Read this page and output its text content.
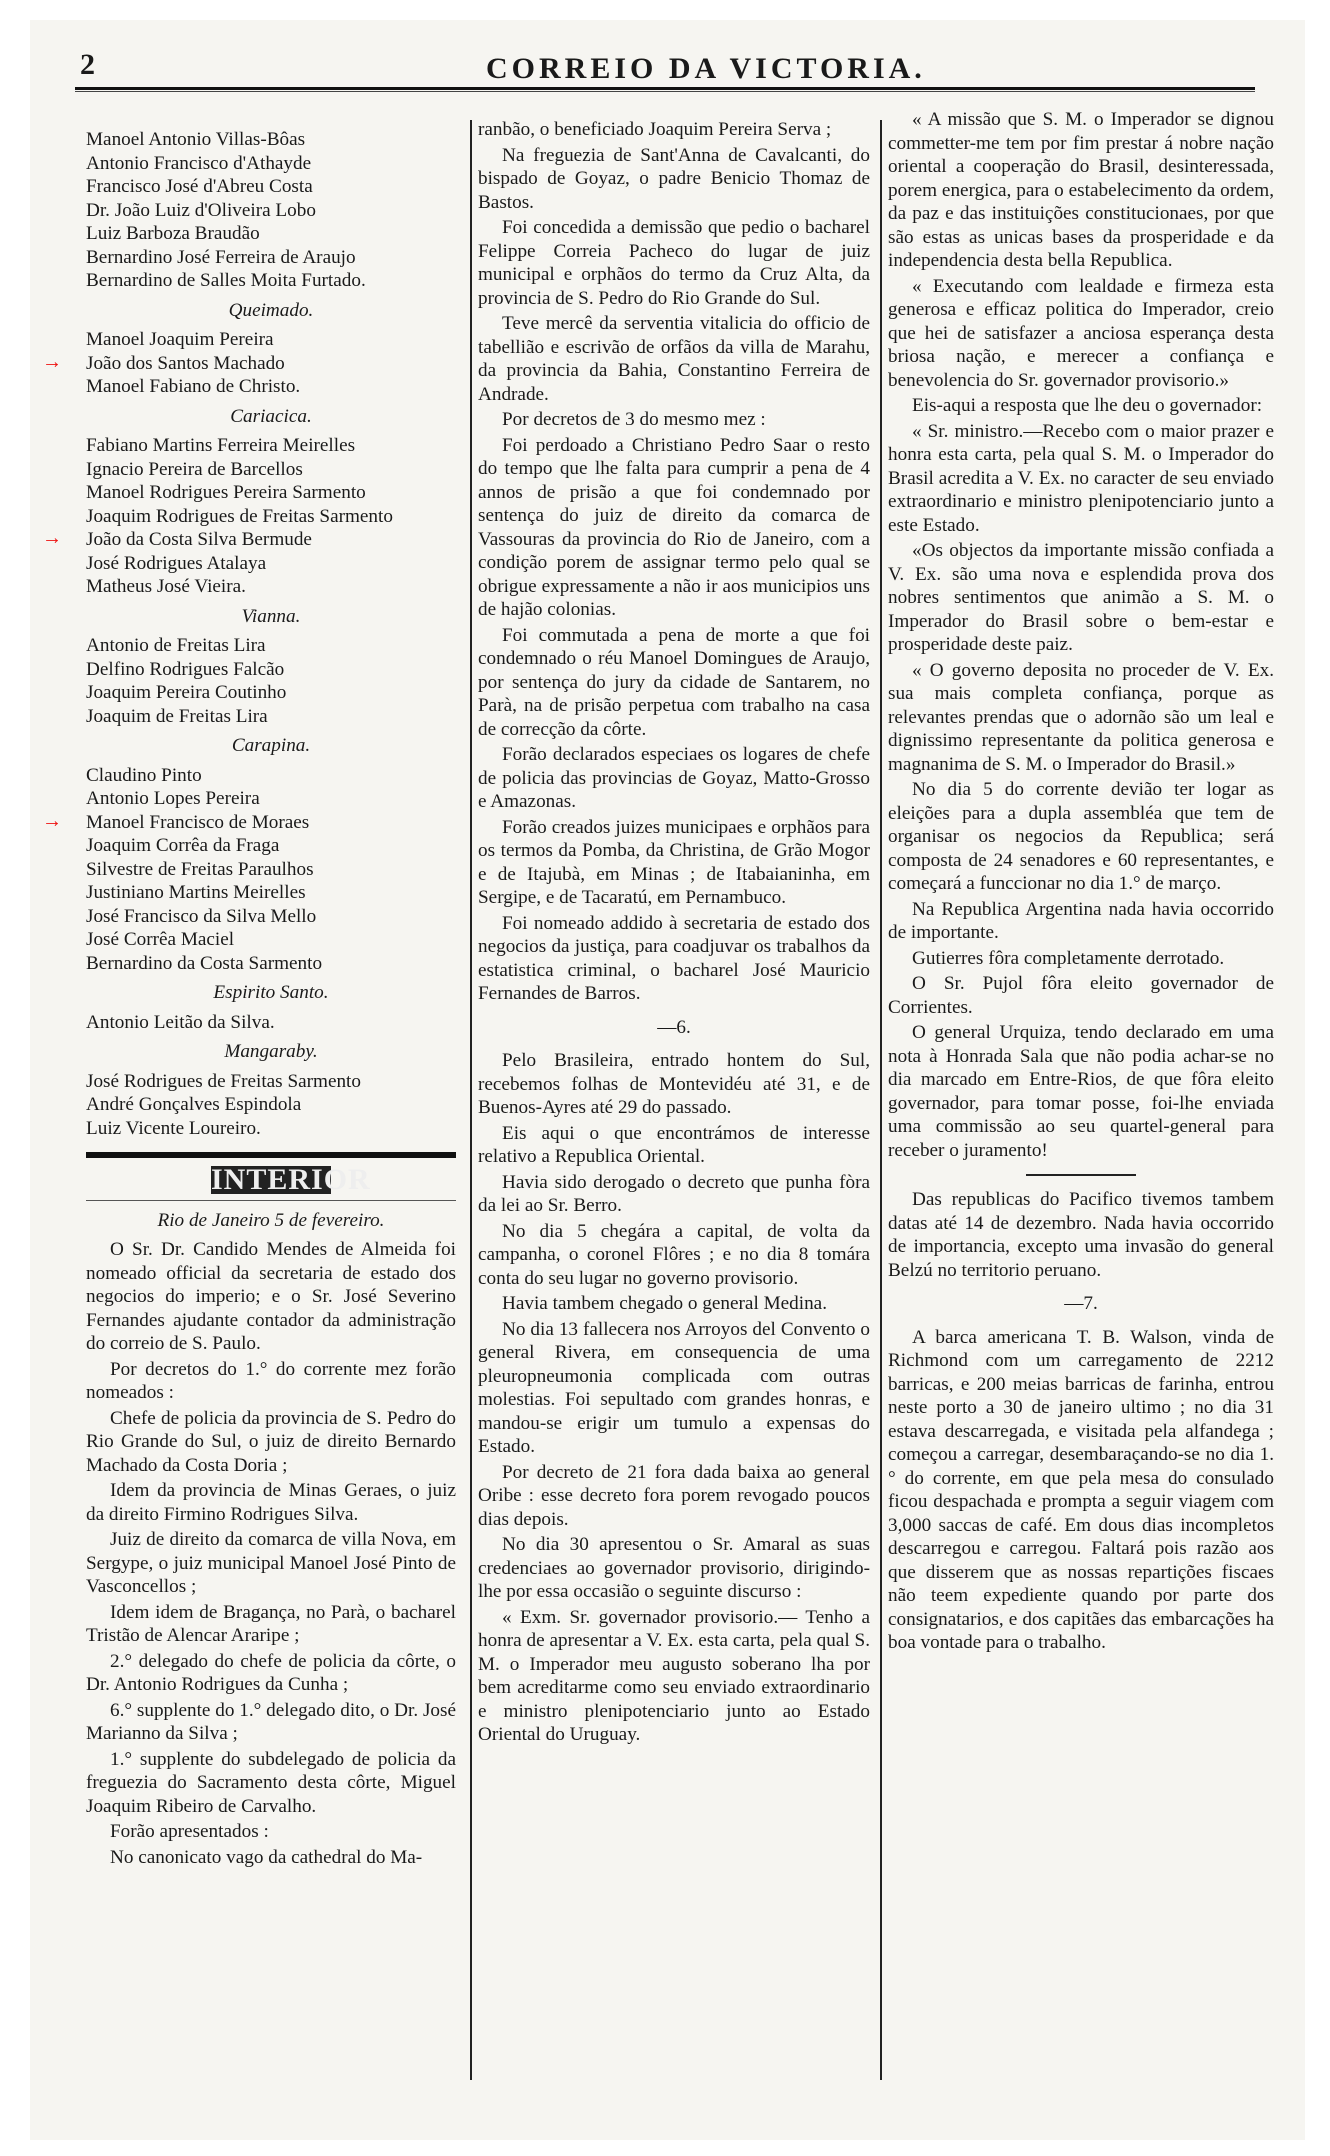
2	CORREIO DA VICTORIA.
Manoel Antonio Villas-Bôas
Antonio Francisco d'Athayde
Francisco José d'Abreu Costa
Dr. João Luiz d'Oliveira Lobo
Luiz Barboza Braudão
Bernardino José Ferreira de Araujo
Bernardino de Salles Moita Furtado.
Queimado.
Manoel Joaquim Pereira
João dos Santos Machado
→
Manoel Fabiano de Christo.
Cariacica.
Fabiano Martins Ferreira Meirelles
Ignacio Pereira de Barcellos
Manoel Rodrigues Pereira Sarmento
Joaquim Rodrigues de Freitas Sarmento
João da Costa Silva Bermude
→
José Rodrigues Atalaya
Matheus José Vieira.
Vianna.
Antonio de Freitas Lira
Delfino Rodrigues Falcão
Joaquim Pereira Coutinho
Joaquim de Freitas Lira
Carapina.
Claudino Pinto
Antonio Lopes Pereira
Manoel Francisco de Moraes
→
Joaquim Corrêa da Fraga
Silvestre de Freitas Paraulhos
Justiniano Martins Meirelles
José Francisco da Silva Mello
José Corrêa Maciel
Bernardino da Costa Sarmento
Espirito Santo.
Antonio Leitão da Silva.
Mangaraby.
José Rodrigues de Freitas Sarmento
André Gonçalves Espindola
Luiz Vicente Loureiro.
INTERIOR
Rio de Janeiro 5 de fevereiro.

O Sr. Dr. Candido Mendes de Almeida foi nomeado official da secretaria de estado dos negocios do imperio; e o Sr. José Severino Fernandes ajudante contador da administração do correio de S. Paulo.

Por decretos do 1.° do corrente mez forão nomeados :

Chefe de policia da provincia de S. Pedro do Rio Grande do Sul, o juiz de direito Bernardo Machado da Costa Doria ;

Idem da provincia de Minas Geraes, o juiz da direito Firmino Rodrigues Silva.

Juiz de direito da comarca de villa Nova, em Sergype, o juiz municipal Manoel José Pinto de Vasconcellos ;

Idem idem de Bragança, no Parà, o bacharel Tristão de Alencar Araripe ;

2.° delegado do chefe de policia da côrte, o Dr. Antonio Rodrigues da Cunha ;

6.° supplente do 1.° delegado dito, o Dr. José Marianno da Silva ;

1.° supplente do subdelegado de policia da freguezia do Sacramento desta côrte, Miguel Joaquim Ribeiro de Carvalho.

Forão apresentados :

No canonicato vago da cathedral do Ma-

ranbão, o beneficiado Joaquim Pereira Serva ;

Na freguezia de Sant'Anna de Cavalcanti, do bispado de Goyaz, o padre Benicio Thomaz de Bastos.

Foi concedida a demissão que pedio o bacharel Felippe Correia Pacheco do lugar de juiz municipal e orphãos do termo da Cruz Alta, da provincia de S. Pedro do Rio Grande do Sul.

Teve mercê da serventia vitalicia do officio de tabellião e escrivão de orfãos da villa de Marahu, da provincia da Bahia, Constantino Ferreira de Andrade.

Por decretos de 3 do mesmo mez :

Foi perdoado a Christiano Pedro Saar o resto do tempo que lhe falta para cumprir a pena de 4 annos de prisão a que foi condemnado por sentença do juiz de direito da comarca de Vassouras da provincia do Rio de Janeiro, com a condição porem de assignar termo pelo qual se obrigue expressamente a não ir aos municipios uns de hajão colonias.

Foi commutada a pena de morte a que foi condemnado o réu Manoel Domingues de Araujo, por sentença do jury da cidade de Santarem, no Parà, na de prisão perpetua com trabalho na casa de correcção da côrte.

Forão declarados especiaes os logares de chefe de policia das provincias de Goyaz, Matto-Grosso e Amazonas.

Forão creados juizes municipaes e orphãos para os termos da Pomba, da Christina, de Grão Mogor e de Itajubà, em Minas ; de Itabaianinha, em Sergipe, e de Tacaratú, em Pernambuco.

Foi nomeado addido à secretaria de estado dos negocios da justiça, para coadjuvar os trabalhos da estatistica criminal, o bacharel José Mauricio Fernandes de Barros.

—6.

Pelo Brasileira, entrado hontem do Sul, recebemos folhas de Montevidéu até 31, e de Buenos-Ayres até 29 do passado.

Eis aqui o que encontrámos de interesse relativo a Republica Oriental.

Havia sido derogado o decreto que punha fòra da lei ao Sr. Berro.

No dia 5 chegára a capital, de volta da campanha, o coronel Flôres ; e no dia 8 tomára conta do seu lugar no governo provisorio.

Havia tambem chegado o general Medina.

No dia 13 fallecera nos Arroyos del Convento o general Rivera, em consequencia de uma pleuropneumonia complicada com outras molestias. Foi sepultado com grandes honras, e mandou-se erigir um tumulo a expensas do Estado.

Por decreto de 21 fora dada baixa ao general Oribe : esse decreto fora porem revogado poucos dias depois.

No dia 30 apresentou o Sr. Amaral as suas credenciaes ao governador provisorio, dirigindo-lhe por essa occasião o seguinte discurso :

« Exm. Sr. governador provisorio.— Tenho a honra de apresentar a V. Ex. esta carta, pela qual S. M. o Imperador meu augusto soberano lha por bem acreditarme como seu enviado extraordinario e ministro plenipotenciario junto ao Estado Oriental do Uruguay.

« A missão que S. M. o Imperador se dignou commetter-me tem por fim prestar á nobre nação oriental a cooperação do Brasil, desinteressada, porem energica, para o estabelecimento da ordem, da paz e das instituições constitucionaes, por que são estas as unicas bases da prosperidade e da independencia desta bella Republica.

« Executando com lealdade e firmeza esta generosa e efficaz politica do Imperador, creio que hei de satisfazer a anciosa esperança desta briosa nação, e merecer a confiança e benevolencia do Sr. governador provisorio.»

Eis-aqui a resposta que lhe deu o governador:

« Sr. ministro.—Recebo com o maior prazer e honra esta carta, pela qual S. M. o Imperador do Brasil acredita a V. Ex. no caracter de seu enviado extraordinario e ministro plenipotenciario junto a este Estado.

«Os objectos da importante missão confiada a V. Ex. são uma nova e esplendida prova dos nobres sentimentos que animão a S. M. o Imperador do Brasil sobre o bem-estar e prosperidade deste paiz.

« O governo deposita no proceder de V. Ex. sua mais completa confiança, porque as relevantes prendas que o adornão são um leal e dignissimo representante da politica generosa e magnanima de S. M. o Imperador do Brasil.»

No dia 5 do corrente devião ter logar as eleições para a dupla assembléa que tem de organisar os negocios da Republica; será composta de 24 senadores e 60 representantes, e começará a funccionar no dia 1.° de março.

Na Republica Argentina nada havia occorrido de importante.

Gutierres fôra completamente derrotado.

O Sr. Pujol fôra eleito governador de Corrientes.

O general Urquiza, tendo declarado em uma nota à Honrada Sala que não podia achar-se no dia marcado em Entre-Rios, de que fôra eleito governador, para tomar posse, foi-lhe enviada uma commissão ao seu quartel-general para receber o juramento!

Das republicas do Pacifico tivemos tambem datas até 14 de dezembro. Nada havia occorrido de importancia, excepto uma invasão do general Belzú no territorio peruano.

—7.

A barca americana T. B. Walson, vinda de Richmond com um carregamento de 2212 barricas, e 200 meias barricas de farinha, entrou neste porto a 30 de janeiro ultimo ; no dia 31 estava descarregada, e visitada pela alfandega ; começou a carregar, desembaraçando-se no dia 1.° do corrente, em que pela mesa do consulado ficou despachada e prompta a seguir viagem com 3,000 saccas de café. Em dous dias incompletos descarregou e carregou. Faltará pois razão aos que disserem que as nossas repartições fiscaes não teem expediente quando por parte dos consignatarios, e dos capitães das embarcações ha boa vontade para o trabalho.
